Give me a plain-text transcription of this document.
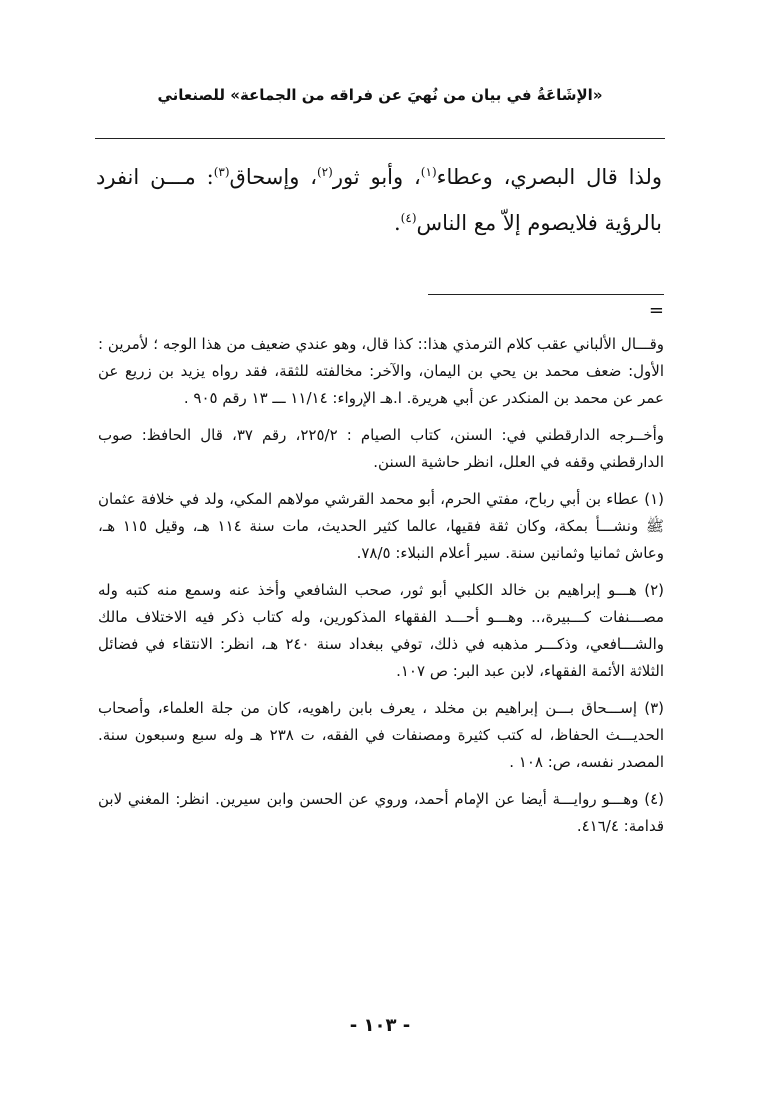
«الإشَاعَةُ في بيان من نُهيَ عن فراقه من الجماعة» للصنعاني
ولذا قال البصري، وعطاء$^{(١)}$، وأبو ثور$^{(٢)}$، وإسحاق$^{(٣)}$: مـــن انفرد بالرؤية فلايصوم إلاّ مع الناس$^{(٤)}$.
=

وقـــال الألباني عقب كلام الترمذي هذا:: كذا قال، وهو عندي ضعيف من هذا الوجه ؛ لأمرين : الأول: ضعف محمد بن يحي بن اليمان، والآخر: مخالفته للثقة، فقد رواه يزيد بن زريع عن عمر عن محمد بن المنكدر عن أبي هريرة. ا.هـ الإرواء: ١١/١٤ ـــ ١٣ رقم ٩٠٥ .

وأخــرجه الدارقطني في: السنن، كتاب الصيام : ٢٢٥/٢، رقم ٣٧، قال الحافظ: صوب الدارقطني وقفه في العلل، انظر حاشية السنن.

(١) عطاء بن أبي رباح، مفتي الحرم، أبو محمد القرشي مولاهم المكي، ولد في خلافة عثمان ﷺ ونشـــأ بمكة، وكان ثقة فقيها، عالما كثير الحديث، مات سنة ١١٤ هـ، وقيل ١١٥ هـ، وعاش ثمانيا وثمانين سنة. سير أعلام النبلاء: ٧٨/٥.

(٢) هـــو إبراهيم بن خالد الكلبي أبو ثور، صحب الشافعي وأخذ عنه وسمع منه كتبه وله مصـــنفات كـــبيرة،.. وهـــو أحـــد الفقهاء المذكورين، وله كتاب ذكر فيه الاختلاف مالك والشـــافعي، وذكـــر مذهبه في ذلك، توفي ببغداد سنة ٢٤٠ هـ، انظر: الانتقاء في فضائل الثلاثة الأئمة الفقهاء، لابن عبد البر: ص ١٠٧.

(٣) إســـحاق بـــن إبراهيم بن مخلد ، يعرف بابن راهويه، كان من جلة العلماء، وأصحاب الحديـــث الحفاظ، له كتب كثيرة ومصنفات في الفقه، ت ٢٣٨ هـ وله سبع وسبعون سنة. المصدر نفسه، ص: ١٠٨ .

(٤) وهـــو روايـــة أيضا عن الإمام أحمد، وروي عن الحسن وابن سيرين. انظر: المغني لابن قدامة: ٤١٦/٤.

- ١٠٣ -
